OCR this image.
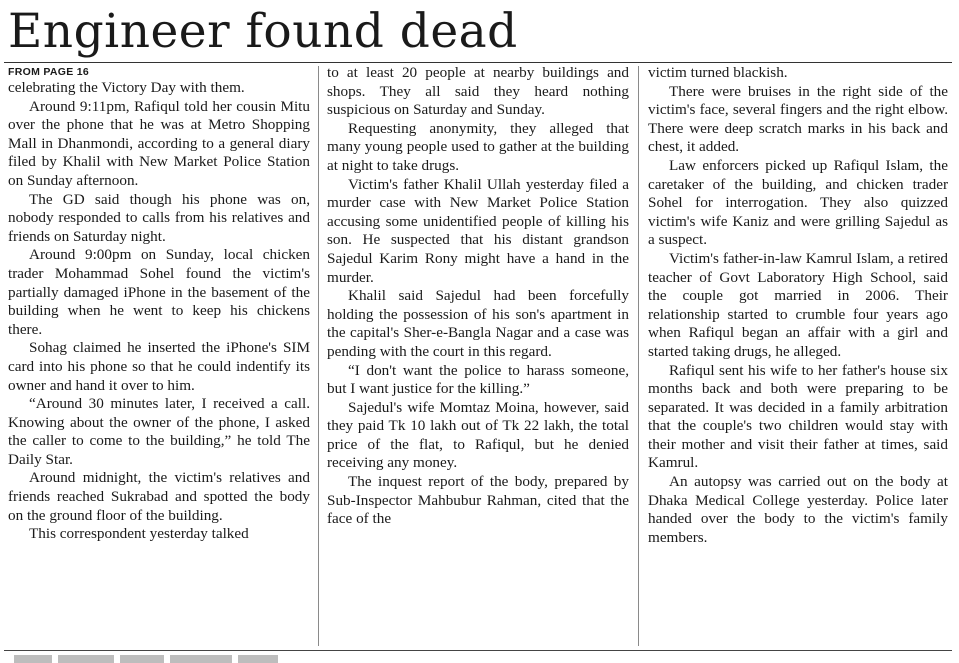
Engineer found dead
FROM PAGE 16

celebrating the Victory Day with them.

Around 9:11pm, Rafiqul told her cousin Mitu over the phone that he was at Metro Shopping Mall in Dhanmondi, according to a general diary filed by Khalil with New Market Police Station on Sunday afternoon.

The GD said though his phone was on, nobody responded to calls from his relatives and friends on Saturday night.

Around 9:00pm on Sunday, local chicken trader Mohammad Sohel found the victim's partially damaged iPhone in the basement of the building when he went to keep his chickens there.

Sohag claimed he inserted the iPhone's SIM card into his phone so that he could indentify its owner and hand it over to him.

“Around 30 minutes later, I received a call. Knowing about the owner of the phone, I asked the caller to come to the building,” he told The Daily Star.

Around midnight, the victim's relatives and friends reached Sukrabad and spotted the body on the ground floor of the building.

This correspondent yesterday talked

to at least 20 people at nearby buildings and shops. They all said they heard nothing suspicious on Saturday and Sunday.

Requesting anonymity, they alleged that many young people used to gather at the building at night to take drugs.

Victim's father Khalil Ullah yesterday filed a murder case with New Market Police Station accusing some unidentified people of killing his son. He suspected that his distant grandson Sajedul Karim Rony might have a hand in the murder.

Khalil said Sajedul had been forcefully holding the possession of his son's apartment in the capital's Sher-e-Bangla Nagar and a case was pending with the court in this regard.

“I don't want the police to harass someone, but I want justice for the killing.”

Sajedul's wife Momtaz Moina, however, said they paid Tk 10 lakh out of Tk 22 lakh, the total price of the flat, to Rafiqul, but he denied receiving any money.

The inquest report of the body, prepared by Sub-Inspector Mahbubur Rahman, cited that the face of the

victim turned blackish.

There were bruises in the right side of the victim's face, several fingers and the right elbow. There were deep scratch marks in his back and chest, it added.

Law enforcers picked up Rafiqul Islam, the caretaker of the building, and chicken trader Sohel for interrogation. They also quizzed victim's wife Kaniz and were grilling Sajedul as a suspect.

Victim's father-in-law Kamrul Islam, a retired teacher of Govt Laboratory High School, said the couple got married in 2006. Their relationship started to crumble four years ago when Rafiqul began an affair with a girl and started taking drugs, he alleged.

Rafiqul sent his wife to her father's house six months back and both were preparing to be separated. It was decided in a family arbitration that the couple's two children would stay with their mother and visit their father at times, said Kamrul.

An autopsy was carried out on the body at Dhaka Medical College yesterday. Police later handed over the body to the victim's family members.
